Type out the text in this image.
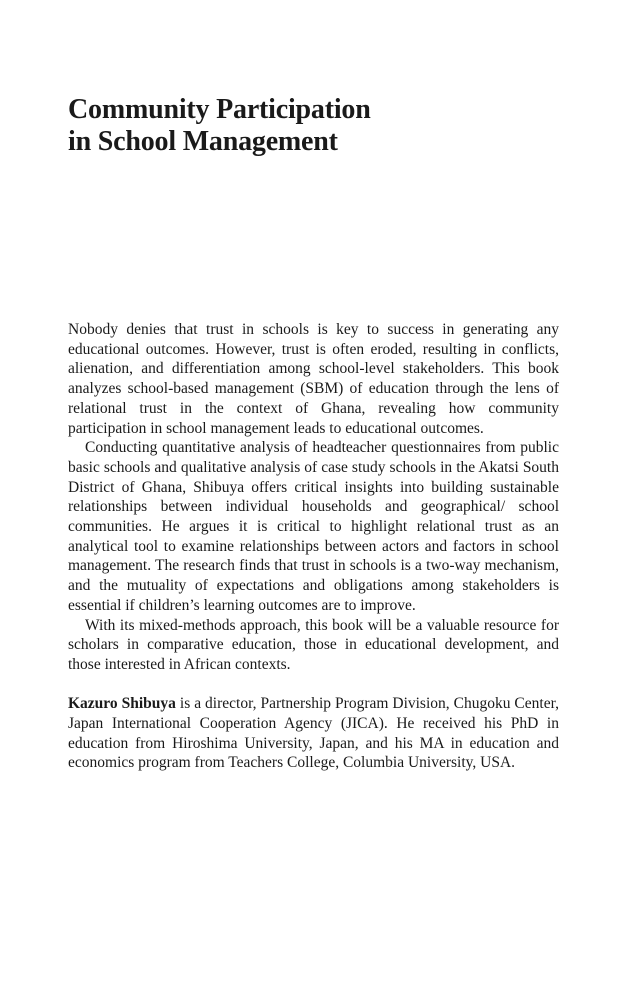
Community Participation
in School Management

Nobody denies that trust in schools is key to success in generating any educational outcomes. However, trust is often eroded, resulting in conflicts, alienation, and differentiation among school-level stakeholders. This book analyzes school-based management (SBM) of education through the lens of relational trust in the context of Ghana, revealing how community participation in school management leads to educational outcomes.

Conducting quantitative analysis of headteacher questionnaires from public basic schools and qualitative analysis of case study schools in the Akatsi South District of Ghana, Shibuya offers critical insights into building sustainable relationships between individual households and geographical/ school communities. He argues it is critical to highlight relational trust as an analytical tool to examine relationships between actors and factors in school management. The research finds that trust in schools is a two-way mechanism, and the mutuality of expectations and obligations among stakeholders is essential if children’s learning outcomes are to improve.

With its mixed-methods approach, this book will be a valuable resource for scholars in comparative education, those in educational development, and those interested in African contexts.

Kazuro Shibuya is a director, Partnership Program Division, Chugoku Center, Japan International Cooperation Agency (JICA). He received his PhD in education from Hiroshima University, Japan, and his MA in education and economics program from Teachers College, Columbia University, USA.
